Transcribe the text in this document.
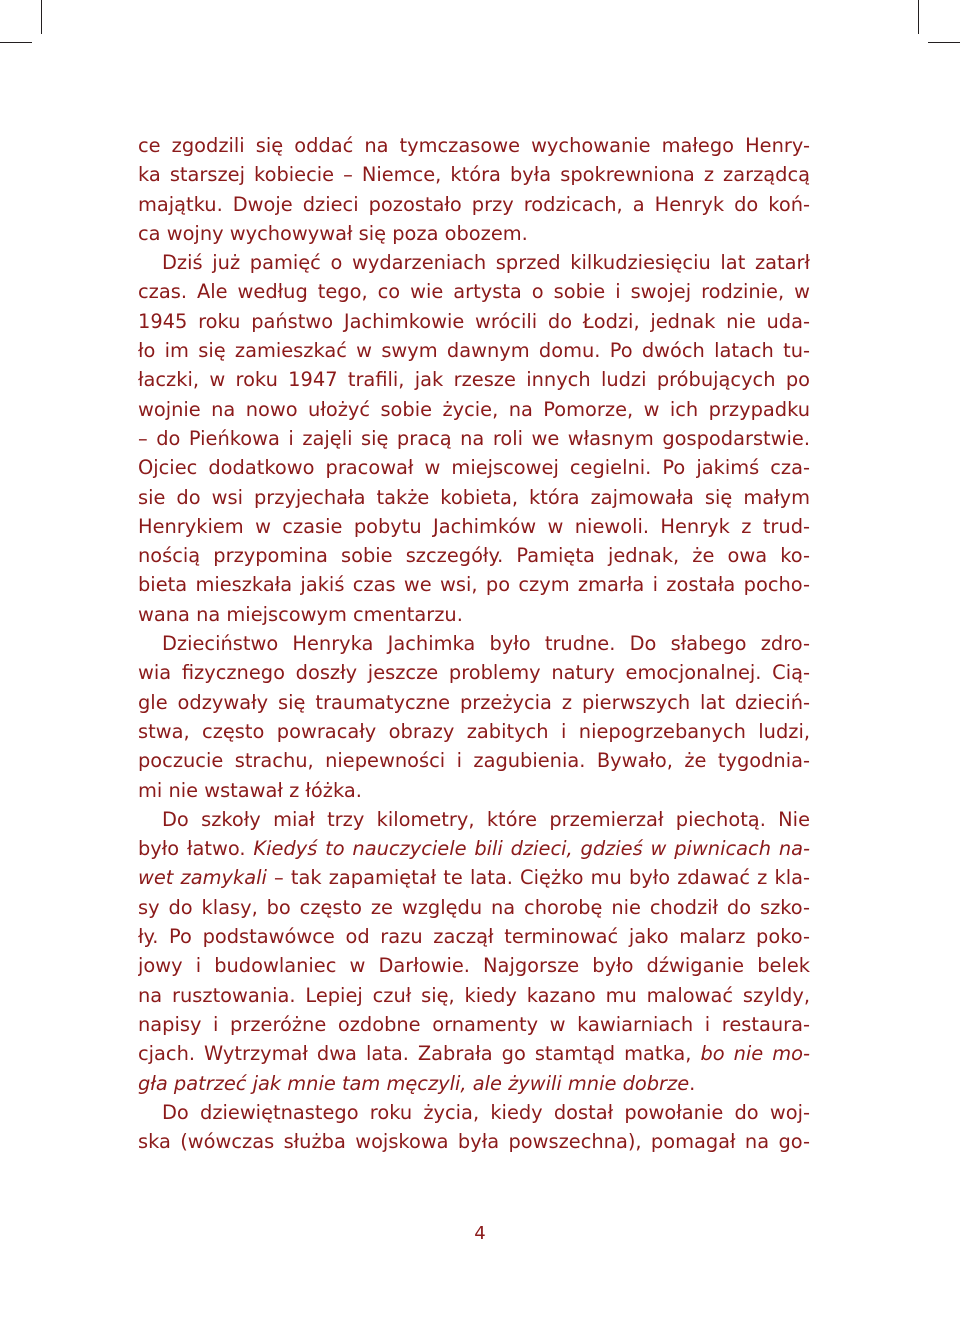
ce zgodzili się oddać na tymczasowe wychowanie małego Henry-
ka starszej kobiecie – Niemce, która była spokrewniona z zarządcą
majątku. Dwoje dzieci pozostało przy rodzicach, a Henryk do koń-
ca wojny wychowywał się poza obozem.
Dziś już pamięć o wydarzeniach sprzed kilkudziesięciu lat zatarł
czas. Ale według tego, co wie artysta o sobie i swojej rodzinie, w
1945 roku państwo Jachimkowie wrócili do Łodzi, jednak nie uda-
ło im się zamieszkać w swym dawnym domu. Po dwóch latach tu-
łaczki, w roku 1947 trafili, jak rzesze innych ludzi próbujących po
wojnie na nowo ułożyć sobie życie, na Pomorze, w ich przypadku
– do Pieńkowa i zajęli się pracą na roli we własnym gospodarstwie.
Ojciec dodatkowo pracował w miejscowej cegielni. Po jakimś cza-
sie do wsi przyjechała także kobieta, która zajmowała się małym
Henrykiem w czasie pobytu Jachimków w niewoli. Henryk z trud-
nością przypomina sobie szczegóły. Pamięta jednak, że owa ko-
bieta mieszkała jakiś czas we wsi, po czym zmarła i została pocho-
wana na miejscowym cmentarzu.
Dzieciństwo Henryka Jachimka było trudne. Do słabego zdro-
wia fizycznego doszły jeszcze problemy natury emocjonalnej. Cią-
gle odzywały się traumatyczne przeżycia z pierwszych lat dzieciń-
stwa, często powracały obrazy zabitych i niepogrzebanych ludzi,
poczucie strachu, niepewności i zagubienia. Bywało, że tygodnia-
mi nie wstawał z łóżka.
Do szkoły miał trzy kilometry, które przemierzał piechotą. Nie
było łatwo. Kiedyś to nauczyciele bili dzieci, gdzieś w piwnicach na-
wet zamykali – tak zapamiętał te lata. Ciężko mu było zdawać z kla-
sy do klasy, bo często ze względu na chorobę nie chodził do szko-
ły. Po podstawówce od razu zaczął terminować jako malarz poko-
jowy i budowlaniec w Darłowie. Najgorsze było dźwiganie belek
na rusztowania. Lepiej czuł się, kiedy kazano mu malować szyldy,
napisy i przeróżne ozdobne ornamenty w kawiarniach i restaura-
cjach. Wytrzymał dwa lata. Zabrała go stamtąd matka, bo nie mo-
gła patrzeć jak mnie tam męczyli, ale żywili mnie dobrze.
Do dziewiętnastego roku życia, kiedy dostał powołanie do woj-
ska (wówczas służba wojskowa była powszechna), pomagał na go-
4
